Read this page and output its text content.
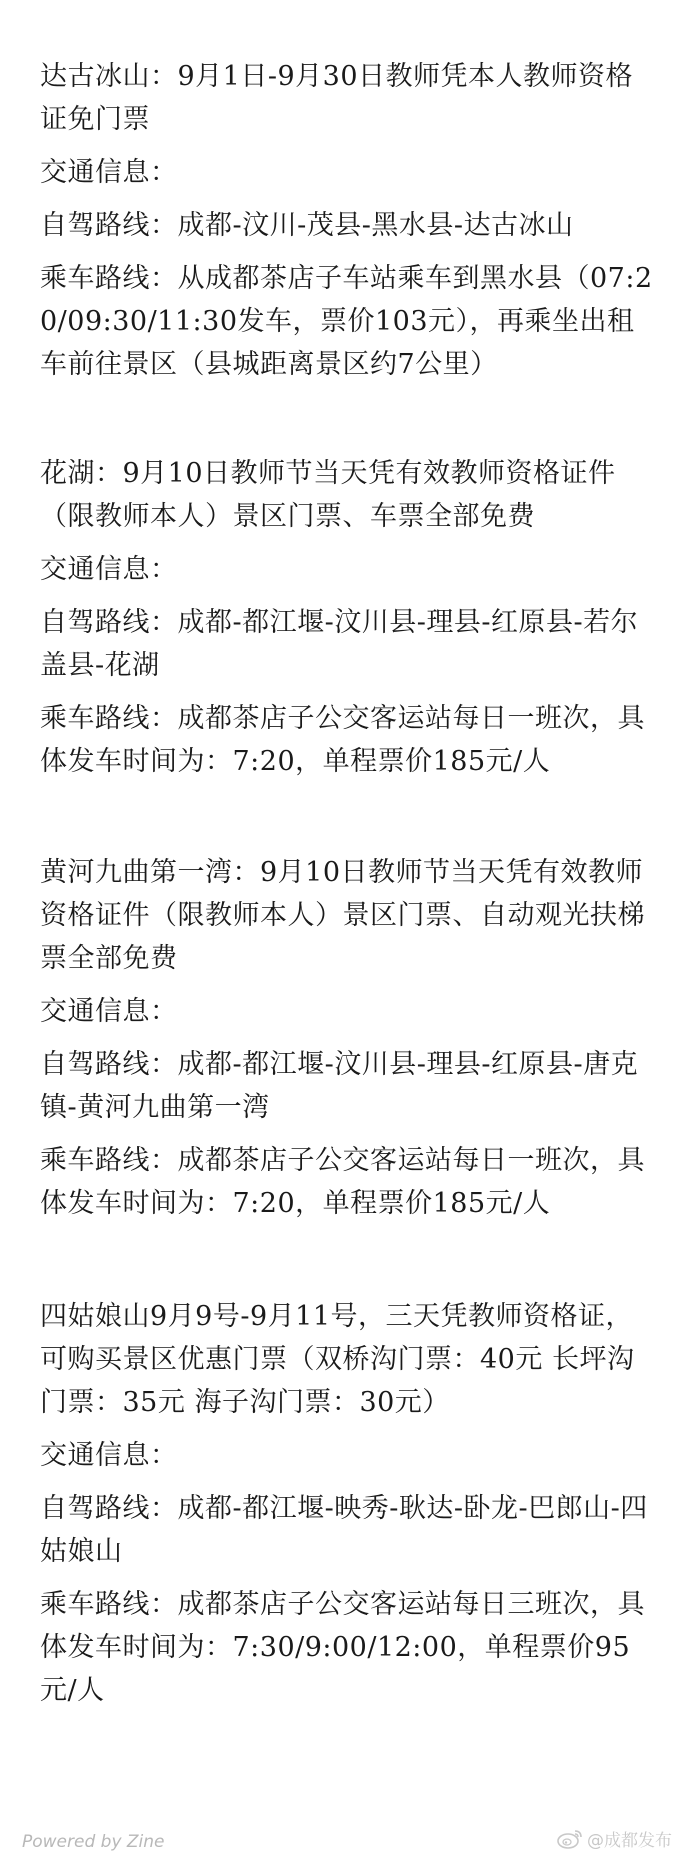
达古冰山：9月1日-9月30日教师凭本人教师资格证免门票

交通信息：

自驾路线：成都-汶川-茂县-黑水县-达古冰山

乘车路线：从成都茶店子车站乘车到黑水县（07:20/09:30/11:30发车，票价103元），再乘坐出租车前往景区（县城距离景区约7公里）

花湖：9月10日教师节当天凭有效教师资格证件（限教师本人）景区门票、车票全部免费

交通信息：

自驾路线：成都-都江堰-汶川县-理县-红原县-若尔盖县-花湖

乘车路线：成都茶店子公交客运站每日一班次，具体发车时间为：7:20，单程票价185元/人

黄河九曲第一湾：9月10日教师节当天凭有效教师资格证件（限教师本人）景区门票、自动观光扶梯票全部免费

交通信息：

自驾路线：成都-都江堰-汶川县-理县-红原县-唐克镇-黄河九曲第一湾

乘车路线：成都茶店子公交客运站每日一班次，具体发车时间为：7:20，单程票价185元/人

四姑娘山9月9号-9月11号，三天凭教师资格证，可购买景区优惠门票（双桥沟门票：40元 长坪沟门票：35元 海子沟门票：30元）

交通信息：

自驾路线：成都-都江堰-映秀-耿达-卧龙-巴郎山-四姑娘山

乘车路线：成都茶店子公交客运站每日三班次，具体发车时间为：7:30/9:00/12:00，单程票价95元/人

Powered by Zine	@成都发布
